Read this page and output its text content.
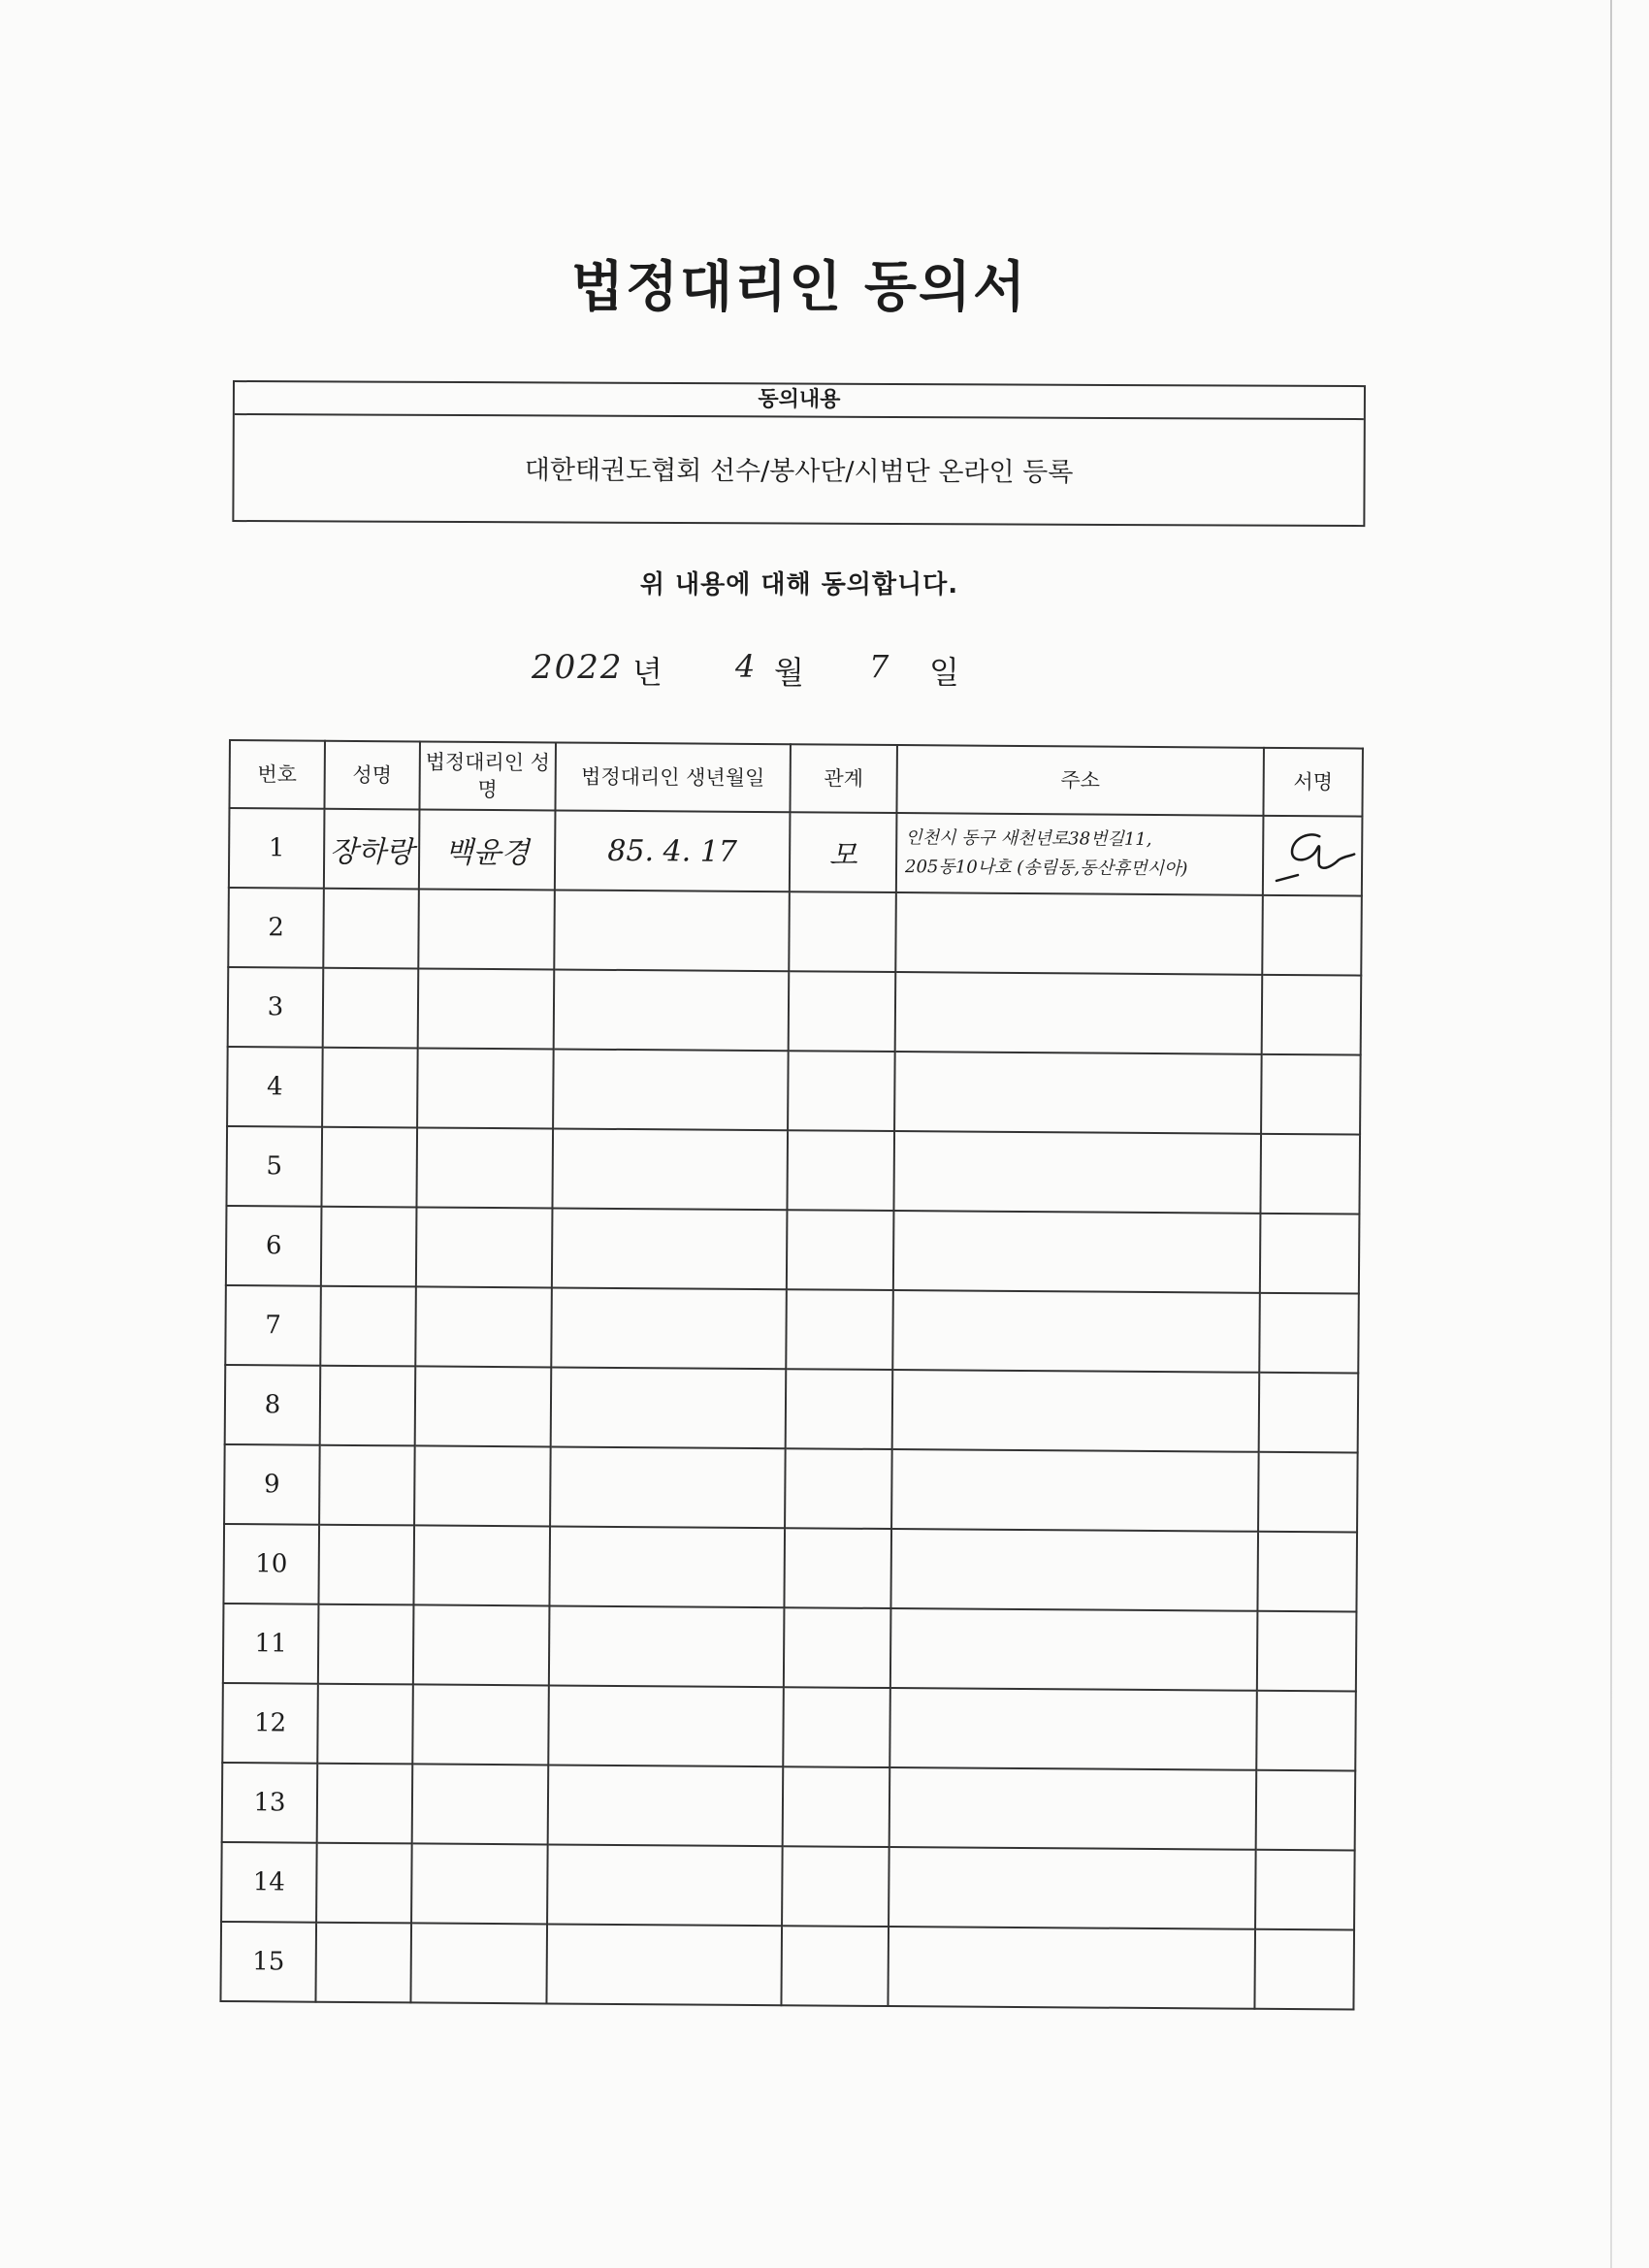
법정대리인 동의서
동의내용
대한태권도협회 선수/봉사단/시범단 온라인 등록
위 내용에 대해 동의합니다.
2022 년 4 월 7 일
번호	성명	법정대리인 성명	법정대리인 생년월일	관계	주소	서명
1	장하랑	백윤경	85. 4. 17	모	인천시 동구 새천년로38번길11,
205동10나호 (송림동,동산휴먼시아)

2						
3						
4						
5						
6						
7						
8						
9						
10						
11						
12						
13						
14						
15						
